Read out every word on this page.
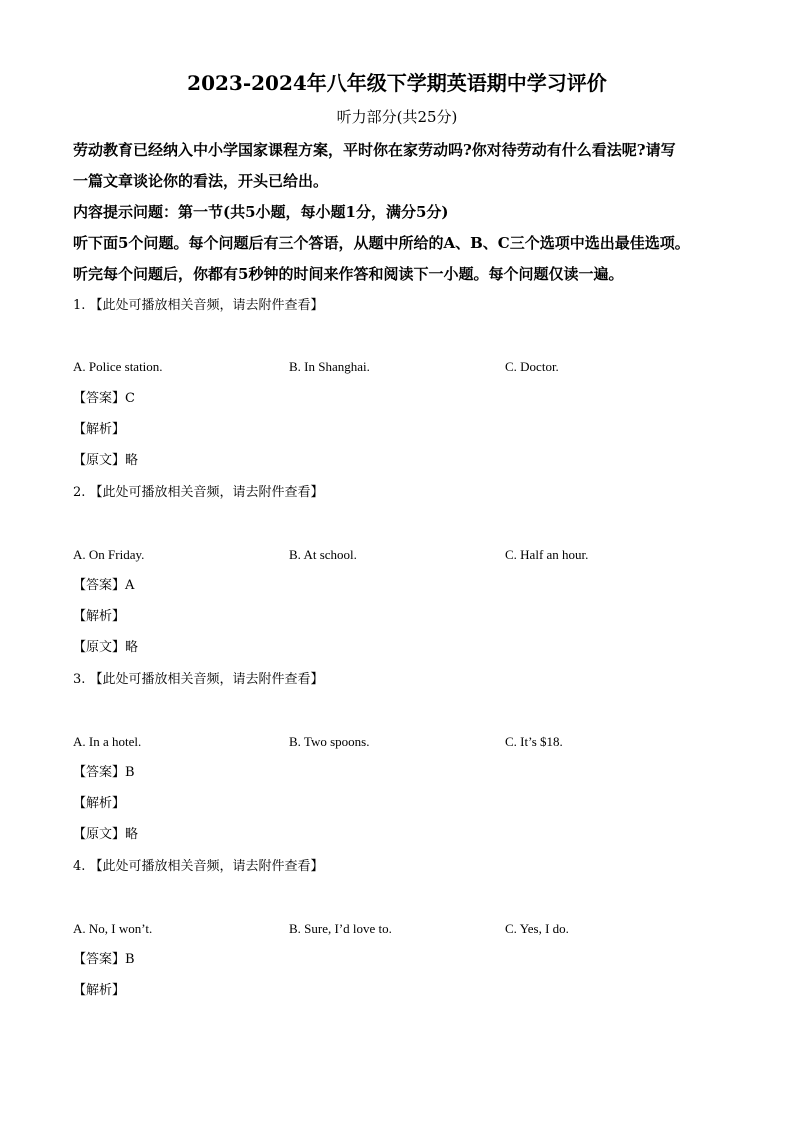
2023-2024年八年级下学期英语期中学习评价
听力部分(共25分)
劳动教育已经纳入中小学国家课程方案，平时你在家劳动吗?你对待劳动有什么看法呢?请写
一篇文章谈论你的看法，开头已给出。
内容提示问题：第一节(共5小题，每小题1分，满分5分)
听下面5个问题。每个问题后有三个答语，从题中所给的A、B、C三个选项中选出最佳选项。
听完每个问题后，你都有5秒钟的时间来作答和阅读下一小题。每个问题仅读一遍。
1. 【此处可播放相关音频，请去附件查看】
A. Police station.	B. In Shanghai.	C. Doctor.
【答案】C
【解析】
【原文】略
2. 【此处可播放相关音频，请去附件查看】
A. On Friday.	B. At school.	C. Half an hour.
【答案】A
【解析】
【原文】略
3. 【此处可播放相关音频，请去附件查看】
A. In a hotel.	B. Two spoons.	C. It’s $18.
【答案】B
【解析】
【原文】略
4. 【此处可播放相关音频，请去附件查看】
A. No, I won’t.	B. Sure, I’d love to.	C. Yes, I do.
【答案】B
【解析】
